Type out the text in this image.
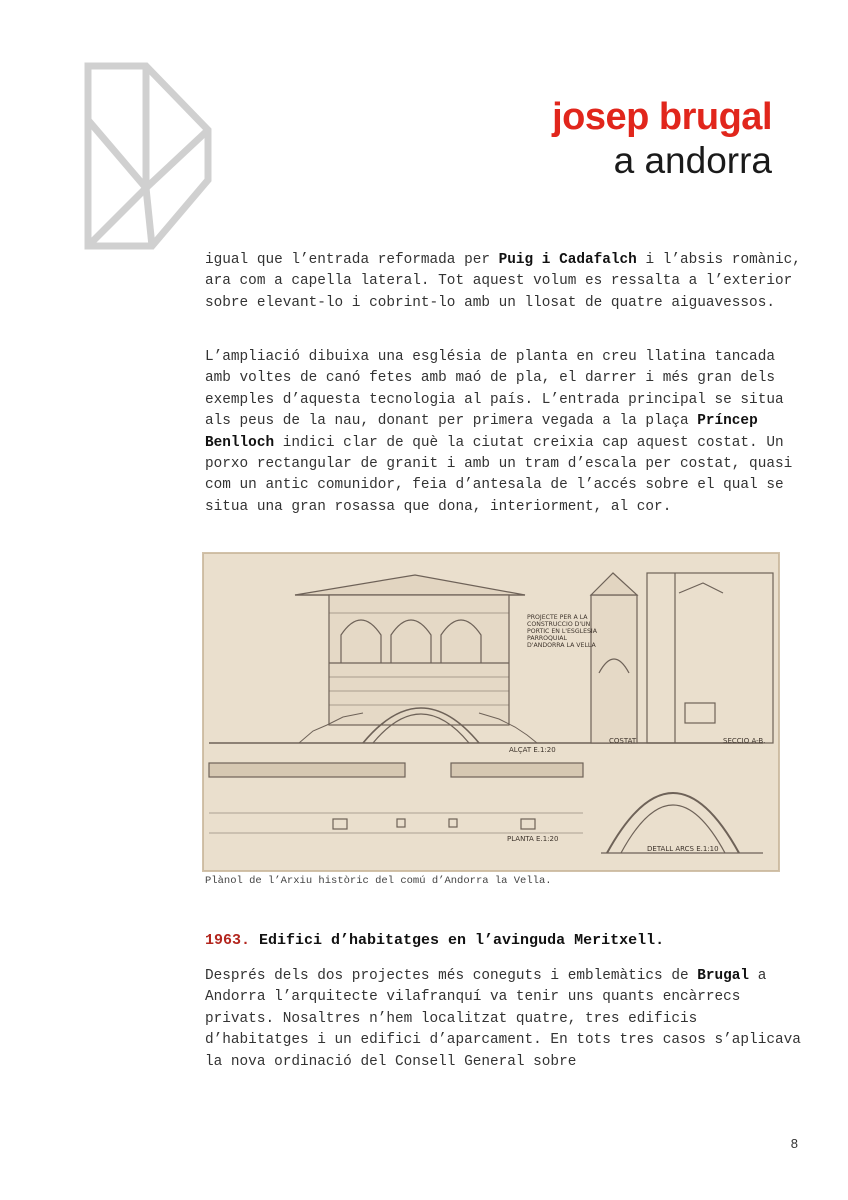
josep brugal
a andorra

igual que l’entrada reformada per Puig i Cadafalch i l’absis romànic, ara com a capella lateral. Tot aquest volum es ressalta a l’exterior sobre elevant-lo i cobrint-lo amb un llosat de quatre aiguavessos.

L’ampliació dibuixa una església de planta en creu llatina tancada amb voltes de canó fetes amb maó de pla, el darrer i més gran dels exemples d’aquesta tecnologia al país. L’entrada principal se situa als peus de la nau, donant per primera vegada a la plaça Príncep Benlloch indici clar de què la ciutat creixia cap aquest costat. Un porxo rectangular de granit i amb un tram d’escala per costat, quasi com un antic comunidor, feia d’antesala de l’accés sobre el qual se situa una gran rosassa que dona, interiorment, al cor.

PROJECTE PER A LA
CONSTRUCCIO D'UN
PORTIC EN L'ESGLESIA
PARROQUIAL
D'ANDORRA LA VELLA
ALÇAT E.1:20
COSTAT	SECCIO A-B.
PLANTA E.1:20
DETALL ARCS E.1:10
Plànol de l’Arxiu històric del comú d’Andorra la Vella.
1963. Edifici d’habitatges en l’avinguda Meritxell.

Després dels dos projectes més coneguts i emblemàtics de Brugal a Andorra l’arquitecte vilafranquí va tenir uns quants encàrrecs privats. Nosaltres n’hem localitzat quatre, tres edificis d’habitatges i un edifici d’aparcament. En tots tres casos s’aplicava la nova ordinació del Consell General sobre

8
